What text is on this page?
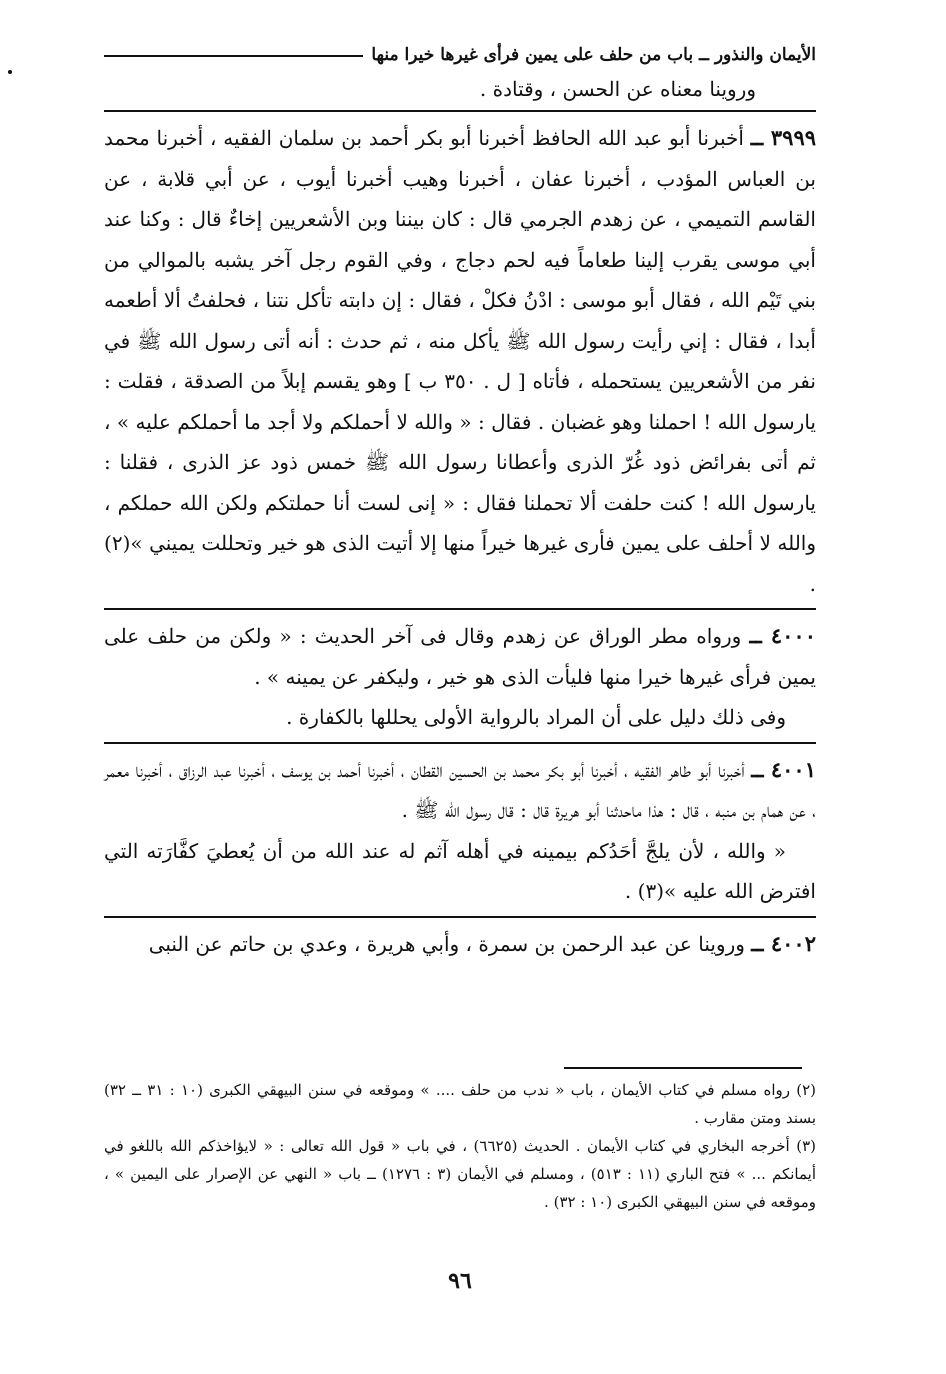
الأيمان والنذور ــ باب من حلف على يمين فرأى غيرها خيرا منها

وروينا معناه عن الحسن ، وقتادة .

٣٩٩٩ ــ أخبرنا أبو عبد الله الحافظ أخبرنا أبو بكر أحمد بن سلمان الفقيه ، أخبرنا محمد بن العباس المؤدب ، أخبرنا عفان ، أخبرنا وهيب أخبرنا أيوب ، عن أبي قلابة ، عن القاسم التميمي ، عن زهدم الجرمي قال : كان بيننا وبن الأشعريين إخاءٌ قال : وكنا عند أبي موسى يقرب إلينا طعاماً فيه لحم دجاج ، وفي القوم رجل آخر يشبه بالموالي من بني تَيْم الله ، فقال أبو موسى : ادْنُ فكلْ ، فقال : إن دابته تأكل نتنا ، فحلفتُ ألا أطعمه أبدا ، فقال : إني رأيت رسول الله ﷺ يأكل منه ، ثم حدث : أنه أتى رسول الله ﷺ في نفر من الأشعريين يستحمله ، فأتاه [ ل . ٣٥٠ ب ] وهو يقسم إبلاً من الصدقة ، فقلت : يارسول الله ! احملنا وهو غضبان . فقال : « والله لا أحملكم ولا أجد ما أحملكم عليه » ، ثم أتى بفرائض ذود غُرّ الذرى وأعطانا رسول الله ﷺ خمس ذود عز الذرى ، فقلنا : يارسول الله ! كنت حلفت ألا تحملنا فقال : « إنى لست أنا حملتكم ولكن الله حملكم ، والله لا أحلف على يمين فأرى غيرها خيراً منها إلا أتيت الذى هو خير وتحللت يميني »(٢) .

٤٠٠٠ ــ ورواه مطر الوراق عن زهدم وقال فى آخر الحديث : « ولكن من حلف على يمين فرأى غيرها خيرا منها فليأت الذى هو خير ، وليكفر عن يمينه » .

وفى ذلك دليل على أن المراد بالرواية الأولى يحللها بالكفارة .

٤٠٠١ ــ أخبرنا أبو طاهر الفقيه ، أخبرنا أبو بكر محمد بن الحسين القطان ، أخبرنا أحمد بن يوسف ، أخبرنا عبد الرزاق ، أخبرنا معمر ، عن همام بن منبه ، قال : هذا ماحدثنا أبو هريرة قال : قال رسول الله ﷺ .

« والله ، لأن يلجَّ أحَدُكم بيمينه في أهله آثم له عند الله من أن يُعطيَ كفَّارَته التي افترض الله عليه »(٣) .

٤٠٠٢ ــ وروينا عن عبد الرحمن بن سمرة ، وأبي هريرة ، وعدي بن حاتم عن النبى

(٢) رواه مسلم في كتاب الأيمان ، باب « ندب من حلف .... » وموقعه في سنن البيهقي الكبرى (١٠ : ٣١ ــ ٣٢) بسند ومتن مقارب .

(٣) أخرجه البخاري في كتاب الأيمان . الحديث (٦٦٢٥) ، في باب « قول الله تعالى : « لايؤاخذكم الله باللغو في أيمانكم ... » فتح الباري (١١ : ٥١٣) ، ومسلم في الأيمان (٣ : ١٢٧٦) ــ باب « النهي عن الإصرار على اليمين » ، وموقعه في سنن البيهقي الكبرى (١٠ : ٣٢) .

٩٦
